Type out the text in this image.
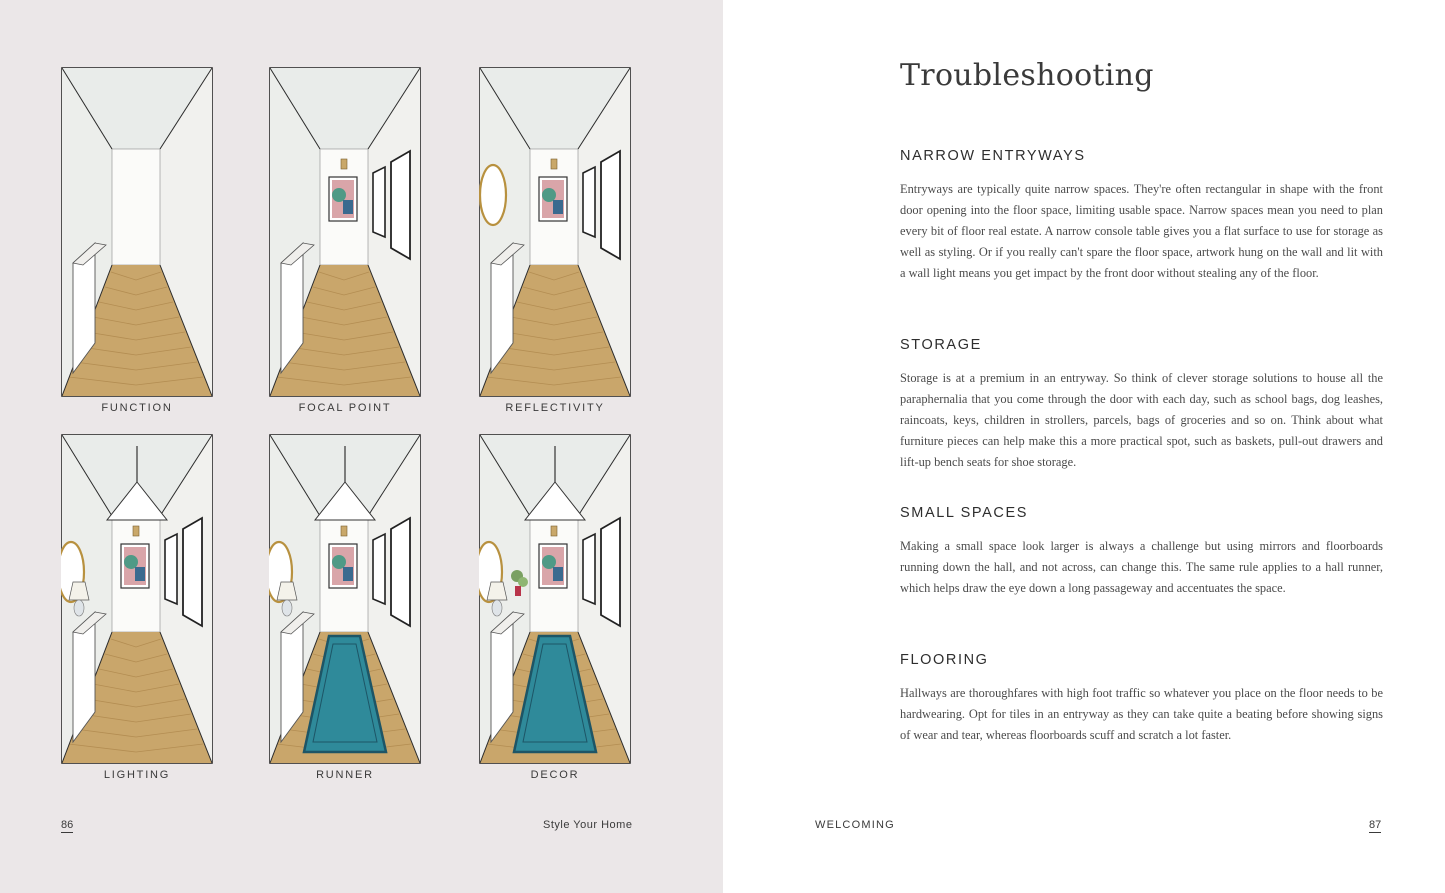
FUNCTION	FOCAL POINT	REFLECTIVITY
LIGHTING	RUNNER	DECOR
86	Style Your Home	WELCOMING	87
Troubleshooting
NARROW ENTRYWAYS

Entryways are typically quite narrow spaces. They're often rectangular in shape with the front door opening into the floor space, limiting usable space. Narrow spaces mean you need to plan every bit of floor real estate. A narrow console table gives you a flat surface to use for storage as well as styling. Or if you really can't spare the floor space, artwork hung on the wall and lit with a wall light means you get impact by the front door without stealing any of the floor.

STORAGE

Storage is at a premium in an entryway. So think of clever storage solutions to house all the paraphernalia that you come through the door with each day, such as school bags, dog leashes, raincoats, keys, children in strollers, parcels, bags of groceries and so on. Think about what furniture pieces can help make this a more practical spot, such as baskets, pull-out drawers and lift-up bench seats for shoe storage.

SMALL SPACES

Making a small space look larger is always a challenge but using mirrors and floorboards running down the hall, and not across, can change this. The same rule applies to a hall runner, which helps draw the eye down a long passageway and accentuates the space.

FLOORING

Hallways are thoroughfares with high foot traffic so whatever you place on the floor needs to be hardwearing. Opt for tiles in an entryway as they can take quite a beating before showing signs of wear and tear, whereas floorboards scuff and scratch a lot faster.
